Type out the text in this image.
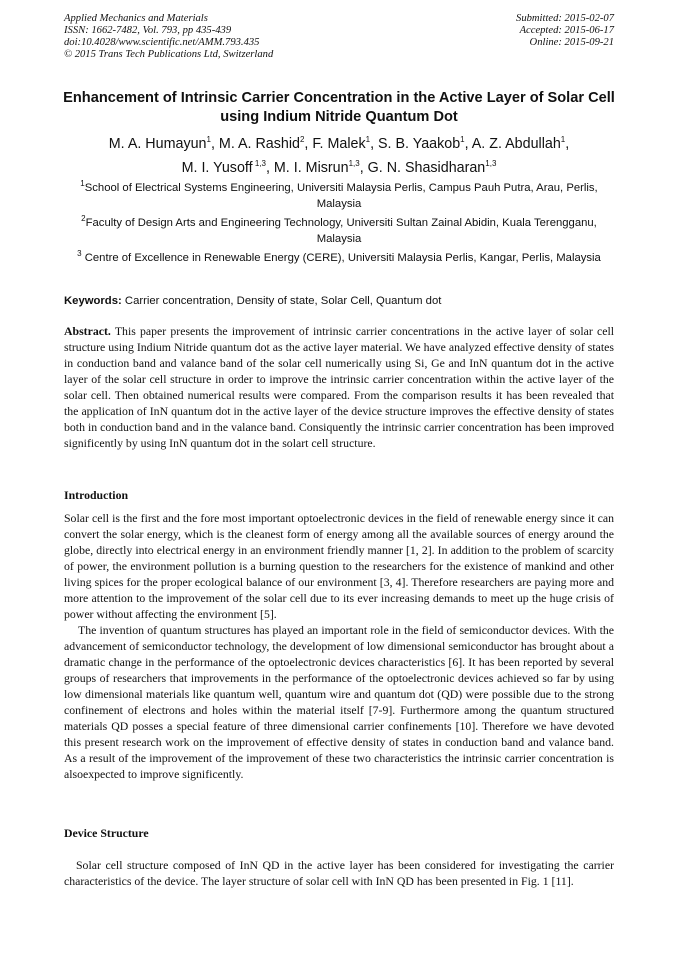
Applied Mechanics and Materials
ISSN: 1662-7482, Vol. 793, pp 435-439
doi:10.4028/www.scientific.net/AMM.793.435
© 2015 Trans Tech Publications Ltd, Switzerland
Submitted: 2015-02-07
Accepted: 2015-06-17
Online: 2015-09-21
Enhancement of Intrinsic Carrier Concentration in the Active Layer of Solar Cell using Indium Nitride Quantum Dot
M. A. Humayun$^1$, M. A. Rashid$^2$, F. Malek$^1$, S. B. Yaakob$^1$, A. Z. Abdullah$^1$,
M. I. Yusoff $^{1,3}$, M. I. Misrun$^{1,3}$, G. N. Shasidharan$^{1,3}$
$^1$School of Electrical Systems Engineering, Universiti Malaysia Perlis, Campus Pauh Putra, Arau, Perlis, Malaysia
$^2$Faculty of Design Arts and Engineering Technology, Universiti Sultan Zainal Abidin, Kuala Terengganu, Malaysia
$^3$ Centre of Excellence in Renewable Energy (CERE), Universiti Malaysia Perlis, Kangar, Perlis, Malaysia
Keywords: Carrier concentration, Density of state, Solar Cell, Quantum dot
Abstract. This paper presents the improvement of intrinsic carrier concentrations in the active layer of solar cell structure using Indium Nitride quantum dot as the active layer material. We have analyzed effective density of states in conduction band and valance band of the solar cell numerically using Si, Ge and InN quantum dot in the active layer of the solar cell structure in order to improve the intrinsic carrier concentration within the active layer of the solar cell. Then obtained numerical results were compared. From the comparison results it has been revealed that the application of InN quantum dot in the active layer of the device structure improves the effective density of states both in conduction band and in the valance band. Consiquently the intrinsic carrier concentration has been improved significently by using InN quantum dot in the solart cell structure.
Introduction

Solar cell is the first and the fore most important optoelectronic devices in the field of renewable energy since it can convert the solar energy, which is the cleanest form of energy among all the available sources of energy around the globe, directly into electrical energy in an environment friendly manner [1, 2]. In addition to the problem of scarcity of power, the environment pollution is a burning question to the researchers for the existence of mankind and other living spices for the proper ecological balance of our environment [3, 4]. Therefore researchers are paying more and more attention to the improvement of the solar cell due to its ever increasing demands to meet up the huge crisis of power without affecting the environment [5].

The invention of quantum structures has played an important role in the field of semiconductor devices. With the advancement of semiconductor technology, the development of low dimensional semiconductor has brought about a dramatic change in the performance of the optoelectronic devices characteristics [6]. It has been reported by several groups of researchers that improvements in the performance of the optoelectronic devices achieved so far by using low dimensional materials like quantum well, quantum wire and quantum dot (QD) were possible due to the strong confinement of electrons and holes within the material itself [7-9]. Furthermore among the quantum structured materials QD posses a special feature of three dimensional carrier confinements [10]. Therefore we have devoted this present research work on the improvement of effective density of states in conduction band and valance band. As a result of the improvement of the improvement of these two characteristics the intrinsic carrier concentration is alsoexpected to improve significently.

Device Structure

Solar cell structure composed of InN QD in the active layer has been considered for investigating the carrier characteristics of the device. The layer structure of solar cell with InN QD has been presented in Fig. 1 [11].
